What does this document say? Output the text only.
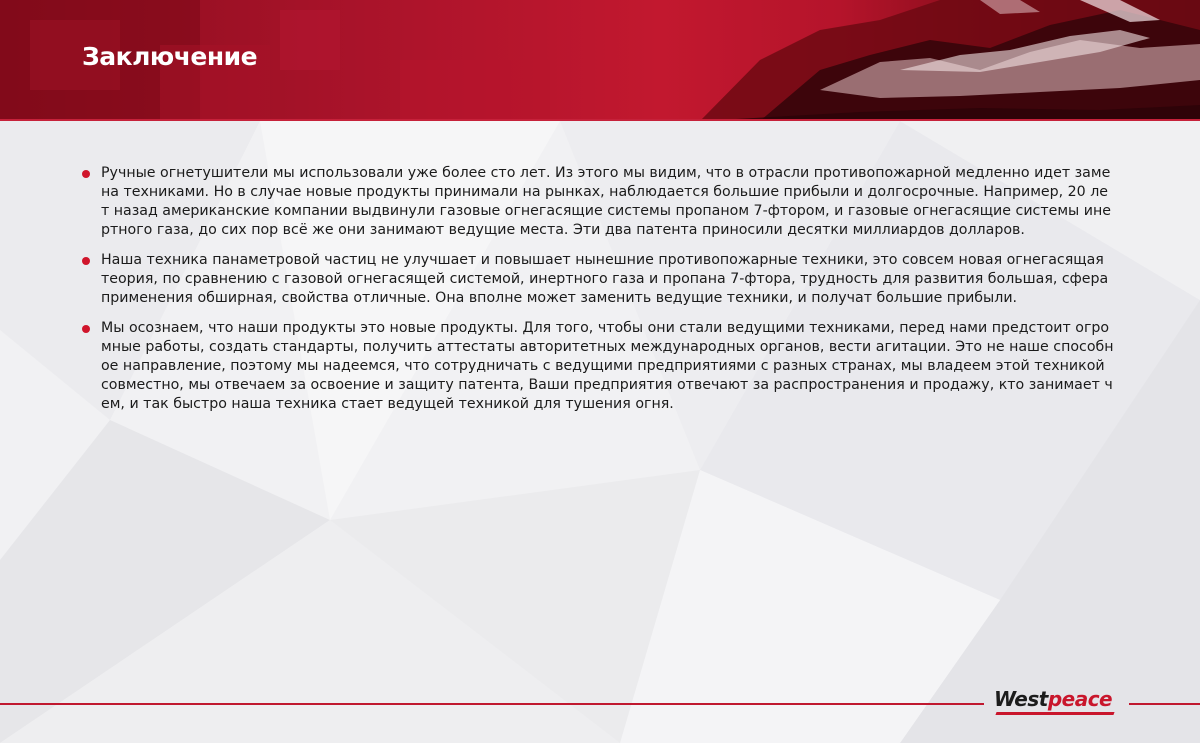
Заключение
Ручные огнетушители мы использовали уже более сто лет. Из этого мы видим, что в отрасли противопожарной медленно идет замена техниками. Но в случае новые продукты принимали на рынках, наблюдается большие прибыли и долгосрочные. Например, 20 лет назад американские компании выдвинули газовые огнегасящие системы пропаном 7-фтором, и газовые огнегасящие системы инертного газа, до сих пор всё же они занимают ведущие места. Эти два патента приносили десятки миллиардов долларов.
Наша техника панаметровой частиц не улучшает и повышает нынешние противопожарные техники, это совсем новая огнегасящая теория, по сравнению с газовой огнегасящей системой, инертного газа и пропана 7-фтора, трудность для развития большая, сфера применения обширная, свойства отличные. Она вполне может заменить ведущие техники, и получат большие прибыли.
Мы осознаем, что наши продукты это новые продукты. Для того, чтобы они стали ведущими техниками, перед нами предстоит огромные работы, создать стандарты, получить аттестаты авторитетных международных органов, вести агитации. Это не наше способное направление, поэтому мы надеемся, что сотрудничать с ведущими предприятиями с разных странах, мы владеем этой техникой совместно, мы отвечаем за освоение и защиту патента, Ваши предприятия отвечают за распространения и продажу, кто занимает чем, и так быстро наша техника стает ведущей техникой для тушения огня.
Westpeace
